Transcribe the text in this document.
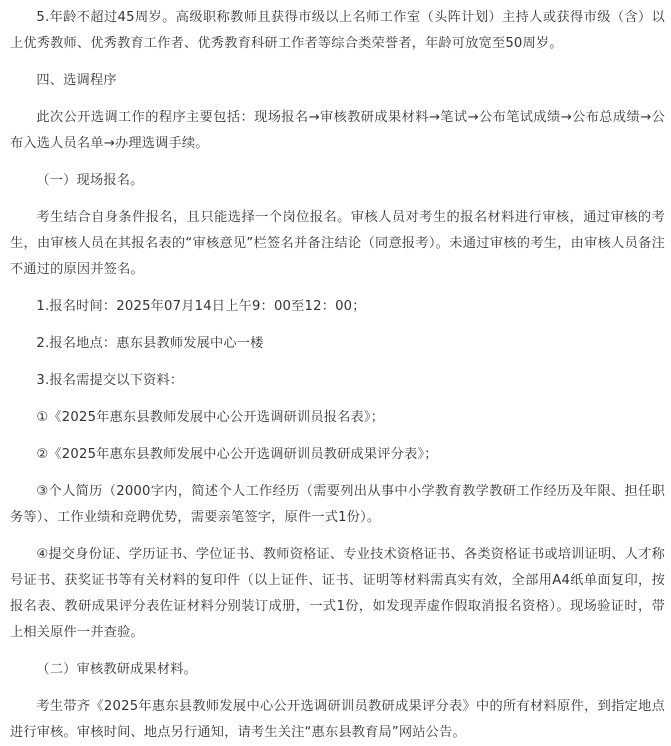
5.年龄不超过45周岁。高级职称教师且获得市级以上名师工作室（头阵计划）主持人或获得市级（含）以上优秀教师、优秀教育工作者、优秀教育科研工作者等综合类荣誉者，年龄可放宽至50周岁。

四、选调程序

此次公开选调工作的程序主要包括：现场报名→审核教研成果材料→笔试→公布笔试成绩→公布总成绩→公布入选人员名单→办理选调手续。

（一）现场报名。

考生结合自身条件报名，且只能选择一个岗位报名。审核人员对考生的报名材料进行审核，通过审核的考生，由审核人员在其报名表的“审核意见”栏签名并备注结论（同意报考）。未通过审核的考生，由审核人员备注不通过的原因并签名。

1.报名时间：2025年07月14日上午9：00至12：00；

2.报名地点：惠东县教师发展中心一楼

3.报名需提交以下资料：

①《2025年惠东县教师发展中心公开选调研训员报名表》；

②《2025年惠东县教师发展中心公开选调研训员教研成果评分表》；

③个人简历（2000字内，简述个人工作经历（需要列出从事中小学教育教学教研工作经历及年限、担任职务等）、工作业绩和竞聘优势，需要亲笔签字，原件一式1份）。

④提交身份证、学历证书、学位证书、教师资格证、专业技术资格证书、各类资格证书或培训证明、人才称号证书、获奖证书等有关材料的复印件（以上证件、证书、证明等材料需真实有效，全部用A4纸单面复印，按报名表、教研成果评分表佐证材料分别装订成册，一式1份，如发现弄虚作假取消报名资格）。现场验证时，带上相关原件一并查验。

（二）审核教研成果材料。

考生带齐《2025年惠东县教师发展中心公开选调研训员教研成果评分表》中的所有材料原件，到指定地点进行审核。审核时间、地点另行通知，请考生关注“惠东县教育局”网站公告。
